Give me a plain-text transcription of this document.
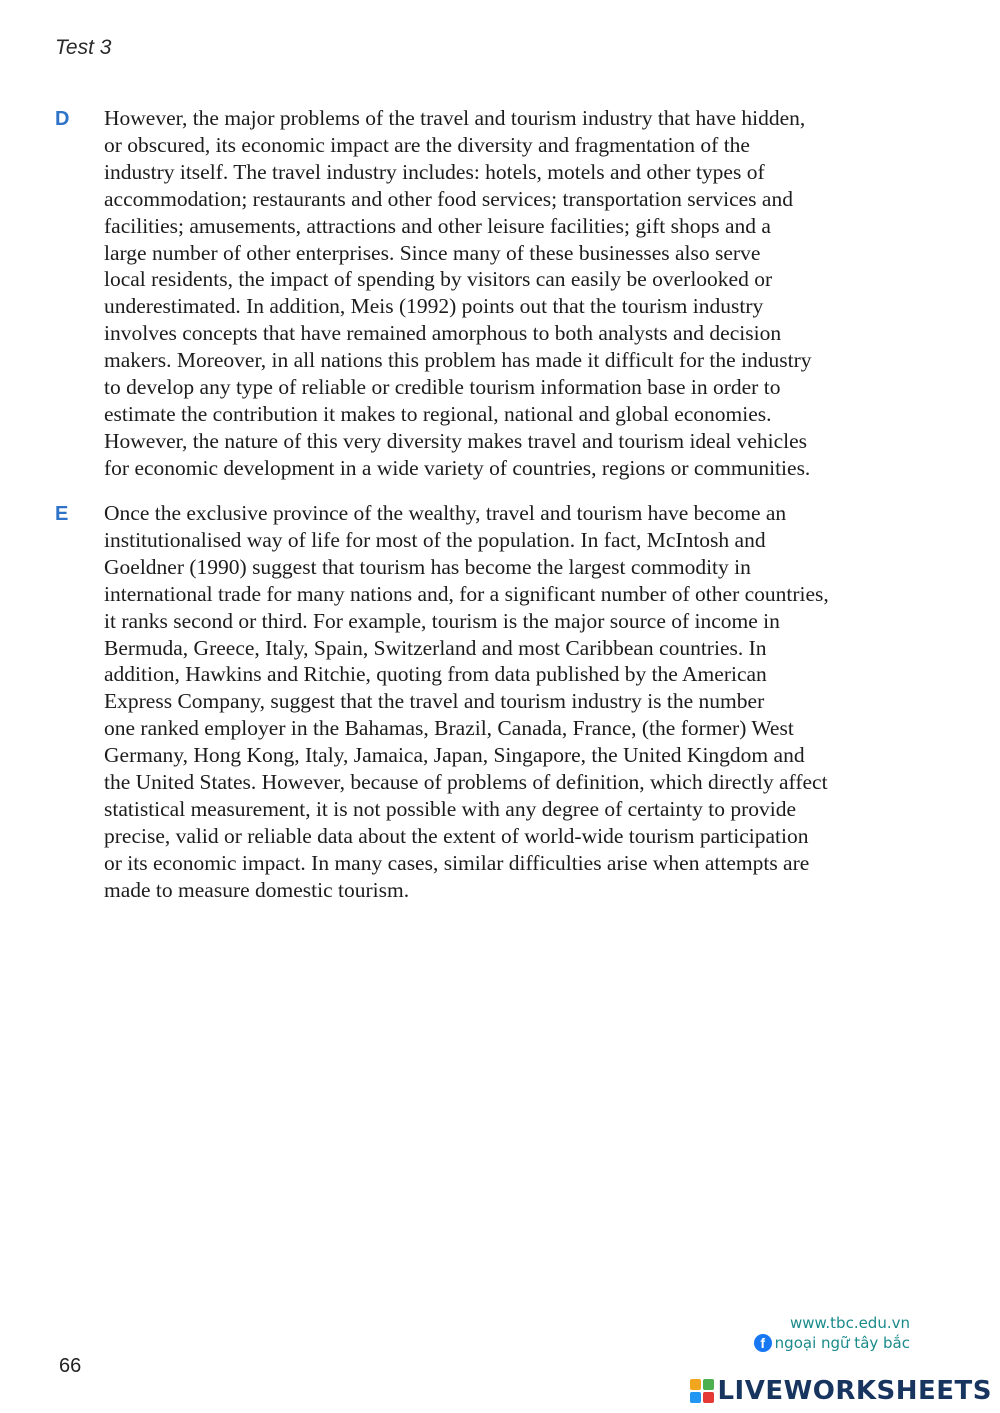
Test 3
D However, the major problems of the travel and tourism industry that have hidden,
or obscured, its economic impact are the diversity and fragmentation of the
industry itself. The travel industry includes: hotels, motels and other types of
accommodation; restaurants and other food services; transportation services and
facilities; amusements, attractions and other leisure facilities; gift shops and a
large number of other enterprises. Since many of these businesses also serve
local residents, the impact of spending by visitors can easily be overlooked or
underestimated. In addition, Meis (1992) points out that the tourism industry
involves concepts that have remained amorphous to both analysts and decision
makers. Moreover, in all nations this problem has made it difficult for the industry
to develop any type of reliable or credible tourism information base in order to
estimate the contribution it makes to regional, national and global economies.
However, the nature of this very diversity makes travel and tourism ideal vehicles
for economic development in a wide variety of countries, regions or communities.
E Once the exclusive province of the wealthy, travel and tourism have become an
institutionalised way of life for most of the population. In fact, McIntosh and
Goeldner (1990) suggest that tourism has become the largest commodity in
international trade for many nations and, for a significant number of other countries,
it ranks second or third. For example, tourism is the major source of income in
Bermuda, Greece, Italy, Spain, Switzerland and most Caribbean countries. In
addition, Hawkins and Ritchie, quoting from data published by the American
Express Company, suggest that the travel and tourism industry is the number
one ranked employer in the Bahamas, Brazil, Canada, France, (the former) West
Germany, Hong Kong, Italy, Jamaica, Japan, Singapore, the United Kingdom and
the United States. However, because of problems of definition, which directly affect
statistical measurement, it is not possible with any degree of certainty to provide
precise, valid or reliable data about the extent of world-wide tourism participation
or its economic impact. In many cases, similar difficulties arise when attempts are
made to measure domestic tourism.
66
www.tbc.edu.vn
f ngoại ngữ tây bắc
LIVEWORKSHEETS
